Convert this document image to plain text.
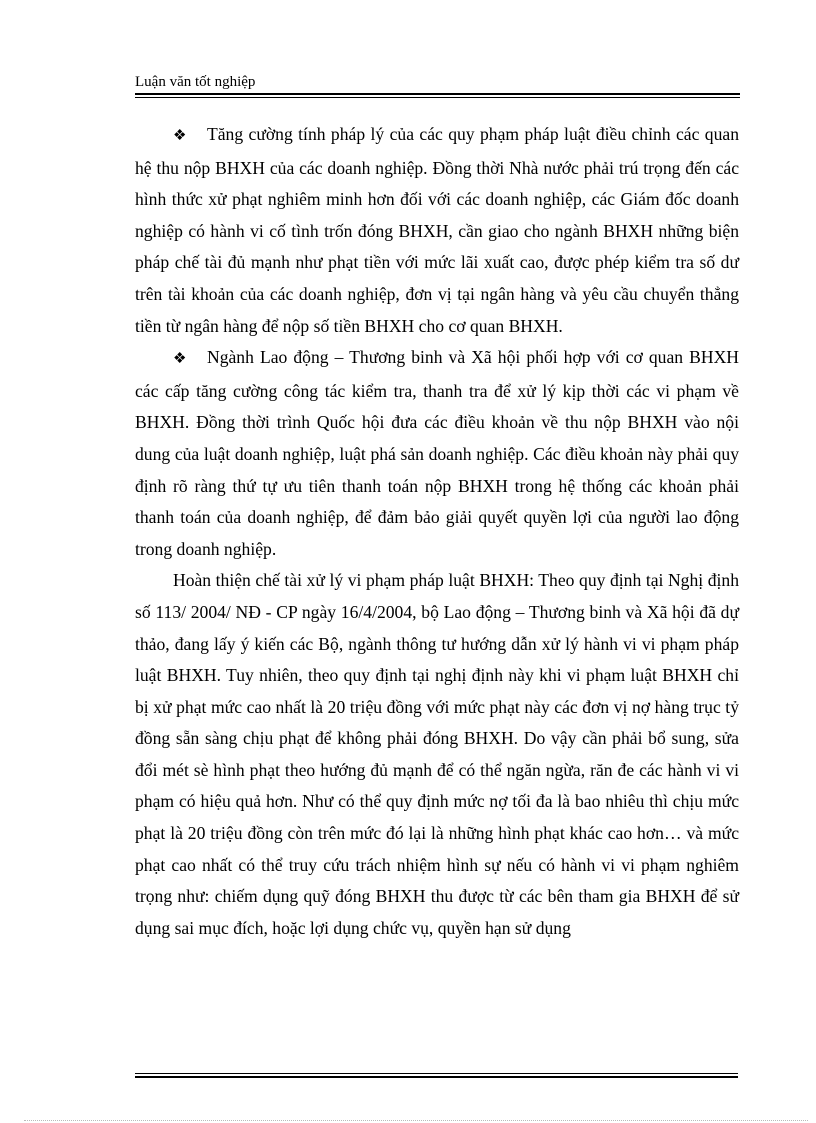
Luận văn tốt nghiệp

❖ Tăng cường tính pháp lý của các quy phạm pháp luật điều chỉnh các quan hệ thu nộp BHXH của các doanh nghiệp. Đồng thời Nhà nước phải trú trọng đến các hình thức xử phạt nghiêm minh hơn đối với các doanh nghiệp, các Giám đốc doanh nghiệp có hành vi cố tình trốn đóng BHXH, cần giao cho ngành BHXH những biện pháp chế tài đủ mạnh như phạt tiền với mức lãi xuất cao, được phép kiểm tra số dư trên tài khoản của các doanh nghiệp, đơn vị tại ngân hàng và yêu cầu chuyển thẳng tiền từ ngân hàng để nộp số tiền BHXH cho cơ quan BHXH.

❖ Ngành Lao động – Thương binh và Xã hội phối hợp với cơ quan BHXH các cấp tăng cường công tác kiểm tra, thanh tra để xử lý kịp thời các vi phạm về BHXH. Đồng thời trình Quốc hội đưa các điều khoản về thu nộp BHXH vào nội dung của luật doanh nghiệp, luật phá sản doanh nghiệp. Các điều khoản này phải quy định rõ ràng thứ tự ưu tiên thanh toán nộp BHXH trong hệ thống các khoản phải thanh toán của doanh nghiệp, để đảm bảo giải quyết quyền lợi của người lao động trong doanh nghiệp.

Hoàn thiện chế tài xử lý vi phạm pháp luật BHXH: Theo quy định tại Nghị định số 113/ 2004/ NĐ - CP ngày 16/4/2004, bộ Lao động – Thương binh và Xã hội đã dự thảo, đang lấy ý kiến các Bộ, ngành thông tư hướng dẫn xử lý hành vi vi phạm pháp luật BHXH. Tuy nhiên, theo quy định tại nghị định này khi vi phạm luật BHXH chỉ bị xử phạt mức cao nhất là 20 triệu đồng với mức phạt này các đơn vị nợ hàng trục tỷ đồng sẵn sàng chịu phạt để không phải đóng BHXH. Do vậy cần phải bổ sung, sửa đổi mét sè hình phạt theo hướng đủ mạnh để có thể ngăn ngừa, răn đe các hành vi vi phạm có hiệu quả hơn. Như có thể quy định mức nợ tối đa là bao nhiêu thì chịu mức phạt là 20 triệu đồng còn trên mức đó lại là những hình phạt khác cao hơn… và mức phạt cao nhất có thể truy cứu trách nhiệm hình sự nếu có hành vi vi phạm nghiêm trọng như: chiếm dụng quỹ đóng BHXH thu được từ các bên tham gia BHXH để sử dụng sai mục đích, hoặc lợi dụng chức vụ, quyền hạn sử dụng
